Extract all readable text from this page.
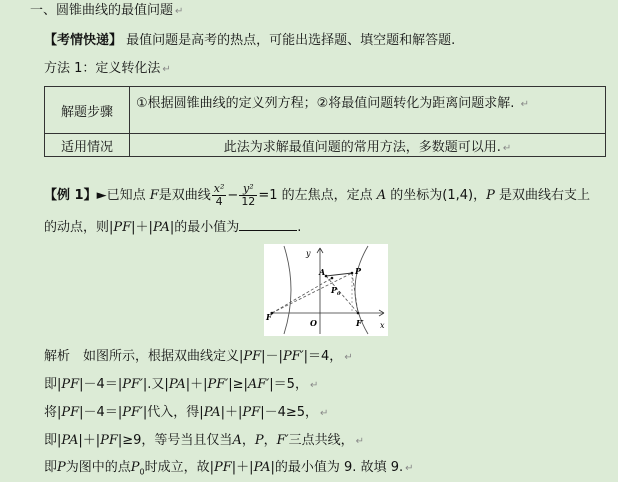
一、圆锥曲线的最值问题 ↵
【考情快递】 最值问题是高考的热点，可能出选择题、填空题和解答题.
方法 1：定义转化法 ↵
解题步骤	①根据圆锥曲线的定义列方程；②将最值问题转化为距离问题求解. ↵
适用情况	此法为求解最值问题的常用方法，多数题可以用. ↵
【例 1】►已知点 F是双曲线 $\frac{\text{x²}}{4} - \frac{\text{y²}}{12} =1$ 的左焦点，定点 A 的坐标为(1,4)，P 是双曲线右支上
的动点，则|PF|＋|PA|的最小值为	.
y
x
A	P
$P_0$
F
O	F′
解析　如图所示，根据双曲线定义|PF|－|PF′|＝4， ↵
即|PF|－4＝|PF′|.又|PA|＋|PF′|≥|AF′|＝5， ↵
将|PF|－4＝|PF′|代入，得|PA|＋|PF|－4≥5， ↵
即|PA|＋|PF|≥9，等号当且仅当A，P，F′三点共线， ↵
即P为图中的点$P_0$时成立，故|PF|＋|PA|的最小值为 9. 故填 9. ↵
